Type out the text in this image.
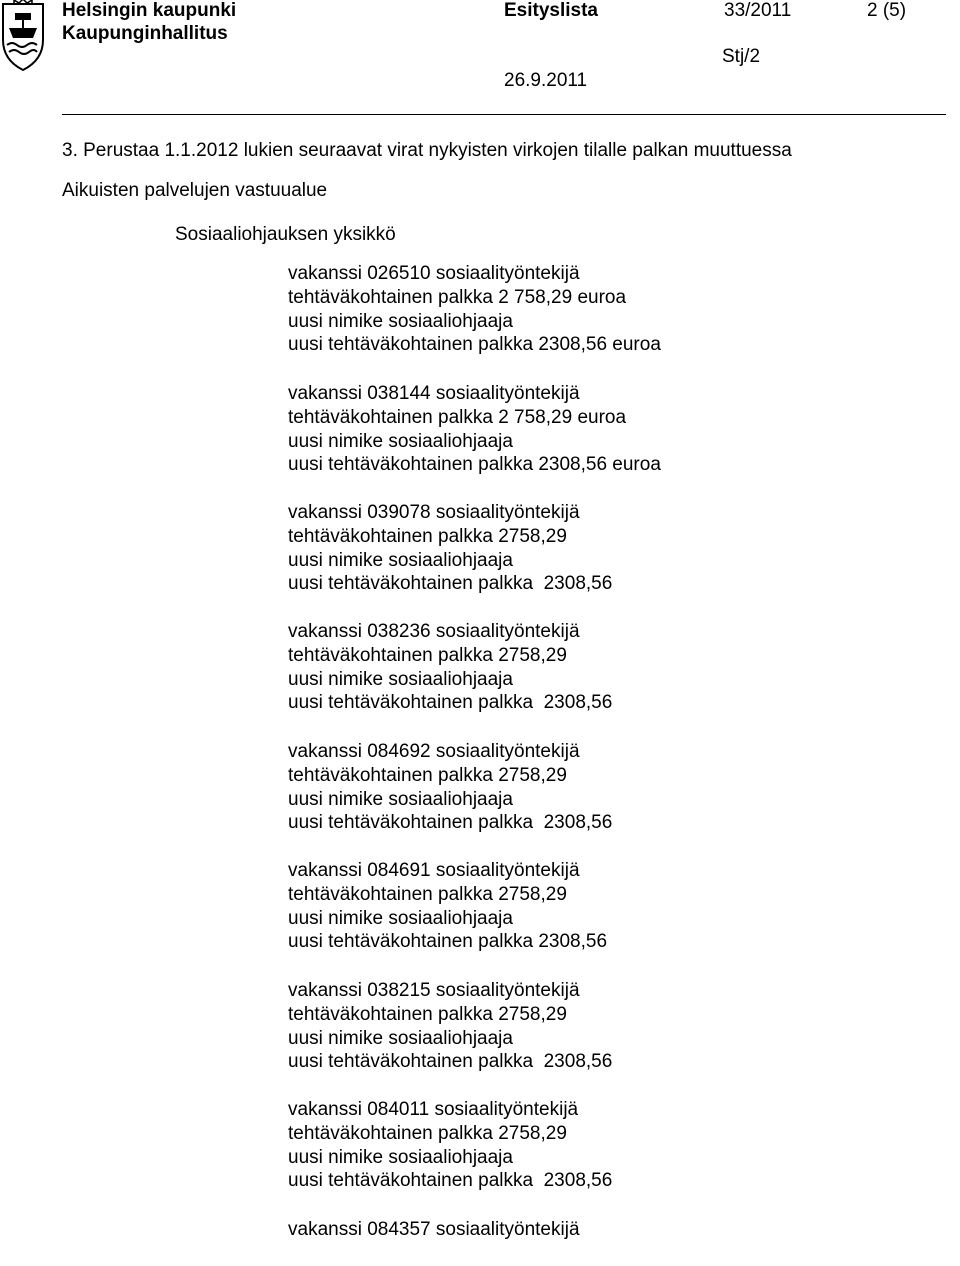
Helsingin kaupunki
Kaupunginhallitus
Esityslista	33/2011	2 (5)
Stj/2
26.9.2011
3. Perustaa 1.1.2012 lukien seuraavat virat nykyisten virkojen tilalle palkan muuttuessa
Aikuisten palvelujen vastuualue
Sosiaaliohjauksen yksikkö
vakanssi 026510 sosiaalityöntekijä
tehtäväkohtainen palkka 2 758,29 euroa
uusi nimike sosiaaliohjaaja
uusi tehtäväkohtainen palkka 2308,56 euroa
vakanssi 038144 sosiaalityöntekijä
tehtäväkohtainen palkka 2 758,29 euroa
uusi nimike sosiaaliohjaaja
uusi tehtäväkohtainen palkka 2308,56 euroa
vakanssi 039078 sosiaalityöntekijä
tehtäväkohtainen palkka 2758,29
uusi nimike sosiaaliohjaaja
uusi tehtäväkohtainen palkka  2308,56
vakanssi 038236 sosiaalityöntekijä
tehtäväkohtainen palkka 2758,29
uusi nimike sosiaaliohjaaja
uusi tehtäväkohtainen palkka  2308,56
vakanssi 084692 sosiaalityöntekijä
tehtäväkohtainen palkka 2758,29
uusi nimike sosiaaliohjaaja
uusi tehtäväkohtainen palkka  2308,56
vakanssi 084691 sosiaalityöntekijä
tehtäväkohtainen palkka 2758,29
uusi nimike sosiaaliohjaaja
uusi tehtäväkohtainen palkka 2308,56
vakanssi 038215 sosiaalityöntekijä
tehtäväkohtainen palkka 2758,29
uusi nimike sosiaaliohjaaja
uusi tehtäväkohtainen palkka  2308,56
vakanssi 084011 sosiaalityöntekijä
tehtäväkohtainen palkka 2758,29
uusi nimike sosiaaliohjaaja
uusi tehtäväkohtainen palkka  2308,56
vakanssi 084357 sosiaalityöntekijä
